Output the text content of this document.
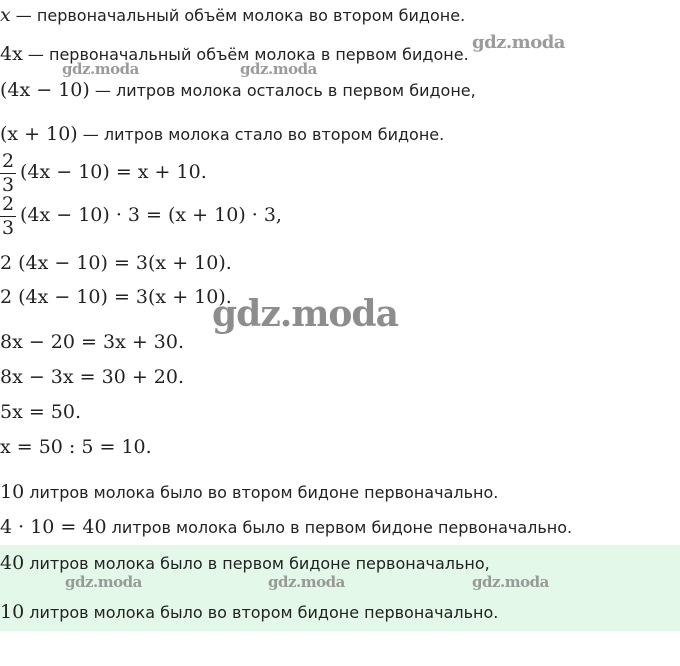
x — первоначальный объём молока во втором бидоне.
4x — первоначальный объём молока в первом бидоне.
(4x − 10) — литров молока осталось в первом бидоне,
(x + 10) — литров молока стало во втором бидоне.
$\frac{2}{3} (4x - 10) = x + 10$.
$\frac{2}{3} (4x - 10) \cdot 3 = (x + 10) \cdot 3$,
2 (4x − 10) = 3(x + 10).
2 (4x − 10) = 3(x + 10).
8x − 20 = 3x + 30.
8x − 3x = 30 + 20.
5x = 50.
x = 50 : 5 = 10.
10 литров молока было во втором бидоне первоначально.
4 · 10 = 40 литров молока было в первом бидоне первоначально.
40 литров молока было в первом бидоне первоначально,
10 литров молока было во втором бидоне первоначально.
gdz.moda
gdz.moda	gdz.moda
gdz.moda
gdz.moda	gdz.moda	gdz.moda
